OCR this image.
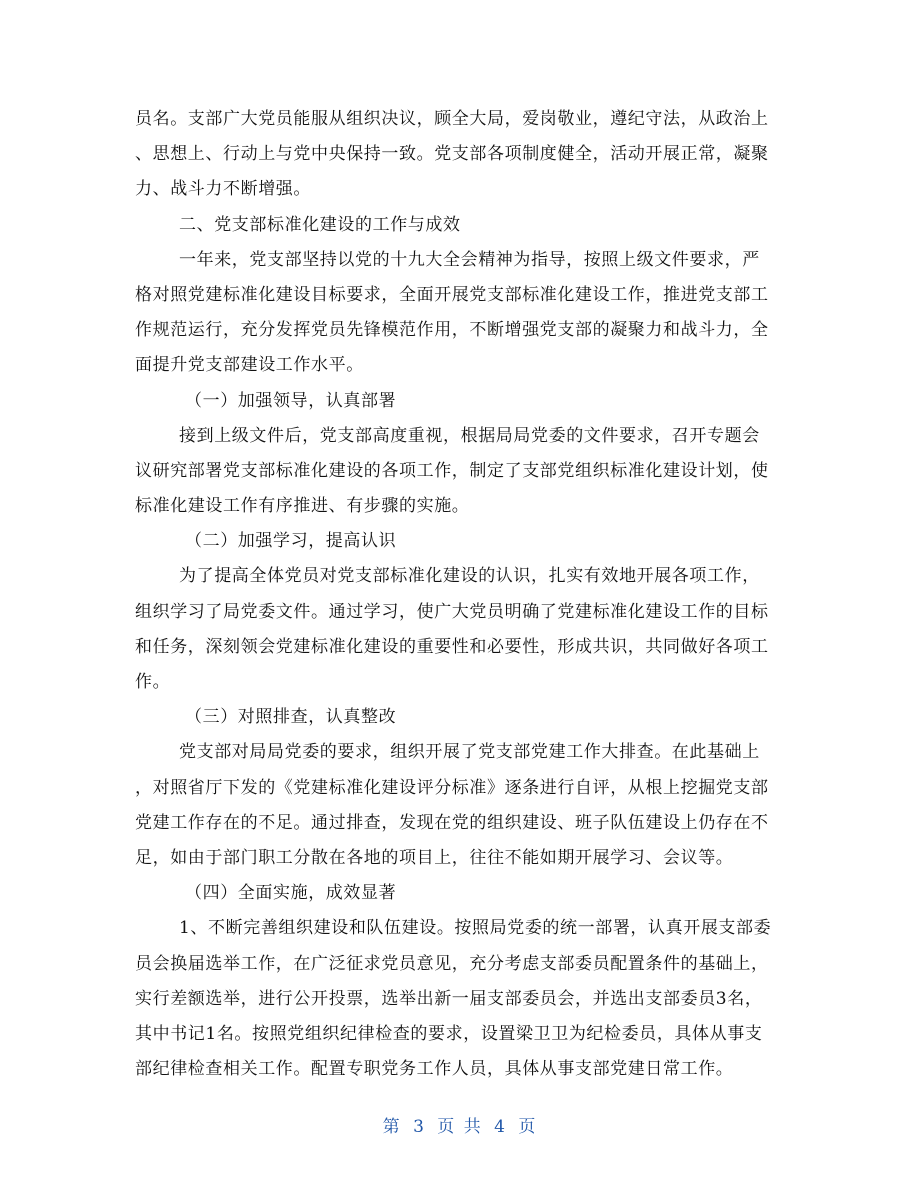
员名。支部广大党员能服从组织决议，顾全大局，爱岗敬业，遵纪守法，从政治上
、思想上、行动上与党中央保持一致。党支部各项制度健全，活动开展正常，凝聚
力、战斗力不断增强。
二、党支部标准化建设的工作与成效
一年来，党支部坚持以党的十九大全会精神为指导，按照上级文件要求，严
格对照党建标准化建设目标要求，全面开展党支部标准化建设工作，推进党支部工
作规范运行，充分发挥党员先锋模范作用，不断增强党支部的凝聚力和战斗力，全
面提升党支部建设工作水平。
（一）加强领导，认真部署
接到上级文件后，党支部高度重视，根据局局党委的文件要求，召开专题会
议研究部署党支部标准化建设的各项工作，制定了支部党组织标准化建设计划，使
标准化建设工作有序推进、有步骤的实施。
（二）加强学习，提高认识
为了提高全体党员对党支部标准化建设的认识，扎实有效地开展各项工作，
组织学习了局党委文件。通过学习，使广大党员明确了党建标准化建设工作的目标
和任务，深刻领会党建标准化建设的重要性和必要性，形成共识，共同做好各项工
作。
（三）对照排查，认真整改
党支部对局局党委的要求，组织开展了党支部党建工作大排查。在此基础上
，对照省厅下发的《党建标准化建设评分标准》逐条进行自评，从根上挖掘党支部
党建工作存在的不足。通过排查，发现在党的组织建设、班子队伍建设上仍存在不
足，如由于部门职工分散在各地的项目上，往往不能如期开展学习、会议等。
（四）全面实施，成效显著
1、不断完善组织建设和队伍建设。按照局党委的统一部署，认真开展支部委
员会换届选举工作，在广泛征求党员意见，充分考虑支部委员配置条件的基础上，
实行差额选举，进行公开投票，选举出新一届支部委员会，并选出支部委员3名，
其中书记1名。按照党组织纪律检查的要求，设置梁卫卫为纪检委员，具体从事支
部纪律检查相关工作。配置专职党务工作人员，具体从事支部党建日常工作。
第 3 页 共 4 页
